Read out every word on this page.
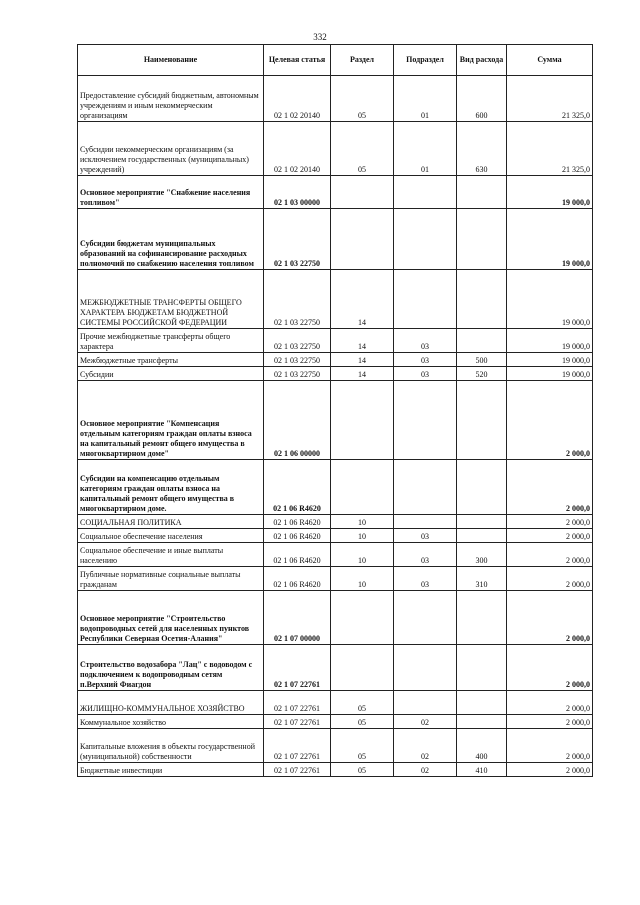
332
Наименование	Целевая статья	Раздел	Подраздел	Вид расхода	Сумма
Предоставление субсидий бюджетным, автономным учреждениям и иным некоммерческим организациям	02 1 02 20140	05	01	600	21 325,0
Субсидии некоммерческим организациям (за исключением государственных (муниципальных) учреждений)	02 1 02 20140	05	01	630	21 325,0
Основное мероприятие "Снабжение населения топливом"	02 1 03 00000				19 000,0
Субсидии бюджетам муниципальных образований на софинансирование расходных полномочий по снабжению населения топливом	02 1 03 22750				19 000,0
МЕЖБЮДЖЕТНЫЕ ТРАНСФЕРТЫ ОБЩЕГО ХАРАКТЕРА БЮДЖЕТАМ БЮДЖЕТНОЙ СИСТЕМЫ РОССИЙСКОЙ ФЕДЕРАЦИИ	02 1 03 22750	14			19 000,0
Прочие межбюджетные трансферты общего характера	02 1 03 22750	14	03		19 000,0
Межбюджетные трансферты	02 1 03 22750	14	03	500	19 000,0
Субсидии	02 1 03 22750	14	03	520	19 000,0
Основное мероприятие "Компенсация отдельным категориям граждан оплаты взноса на капитальный ремонт общего имущества в многоквартирном доме"	02 1 06 00000				2 000,0
Субсидии на компенсацию отдельным категориям граждан оплаты взноса на капитальный ремонт общего имущества в многоквартирном доме.	02 1 06 R4620				2 000,0
СОЦИАЛЬНАЯ ПОЛИТИКА	02 1 06 R4620	10			2 000,0
Социальное обеспечение населения	02 1 06 R4620	10	03		2 000,0
Социальное обеспечение и иные выплаты населению	02 1 06 R4620	10	03	300	2 000,0
Публичные нормативные социальные выплаты гражданам	02 1 06 R4620	10	03	310	2 000,0
Основное мероприятие "Строительство водопроводных сетей для населенных пунктов Республики Северная Осетия-Алания"	02 1 07 00000				2 000,0
Строительство водозабора "Лац" с водоводом с подключением к водопроводным сетям п.Верхний Фиагдон	02 1 07 22761				2 000,0
ЖИЛИЩНО-КОММУНАЛЬНОЕ ХОЗЯЙСТВО	02 1 07 22761	05			2 000,0
Коммунальное хозяйство	02 1 07 22761	05	02		2 000,0
Капитальные вложения в объекты государственной (муниципальной) собственности	02 1 07 22761	05	02	400	2 000,0
Бюджетные инвестиции	02 1 07 22761	05	02	410	2 000,0
